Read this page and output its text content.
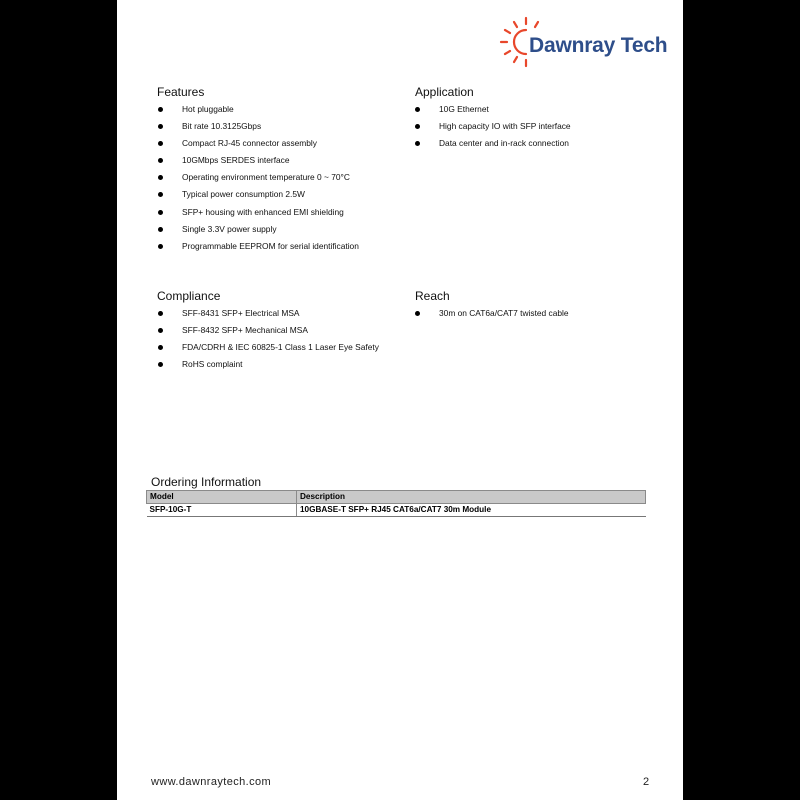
Dawnray Tech
Features
Hot pluggable
Bit rate 10.3125Gbps
Compact RJ-45 connector assembly
10GMbps SERDES interface
Operating environment temperature 0 ~ 70°C
Typical power consumption 2.5W
SFP+ housing with enhanced EMI shielding
Single 3.3V power supply
Programmable EEPROM for serial identification
Application
10G Ethernet
High capacity IO with SFP interface
Data center and in-rack connection
Compliance
SFF-8431 SFP+ Electrical MSA
SFF-8432 SFP+ Mechanical MSA
FDA/CDRH & IEC 60825-1 Class 1 Laser Eye Safety
RoHS complaint
Reach
30m on CAT6a/CAT7 twisted cable
Ordering Information
Model	Description
SFP-10G-T	10GBASE-T SFP+ RJ45 CAT6a/CAT7 30m Module
www.dawnraytech.com	2
